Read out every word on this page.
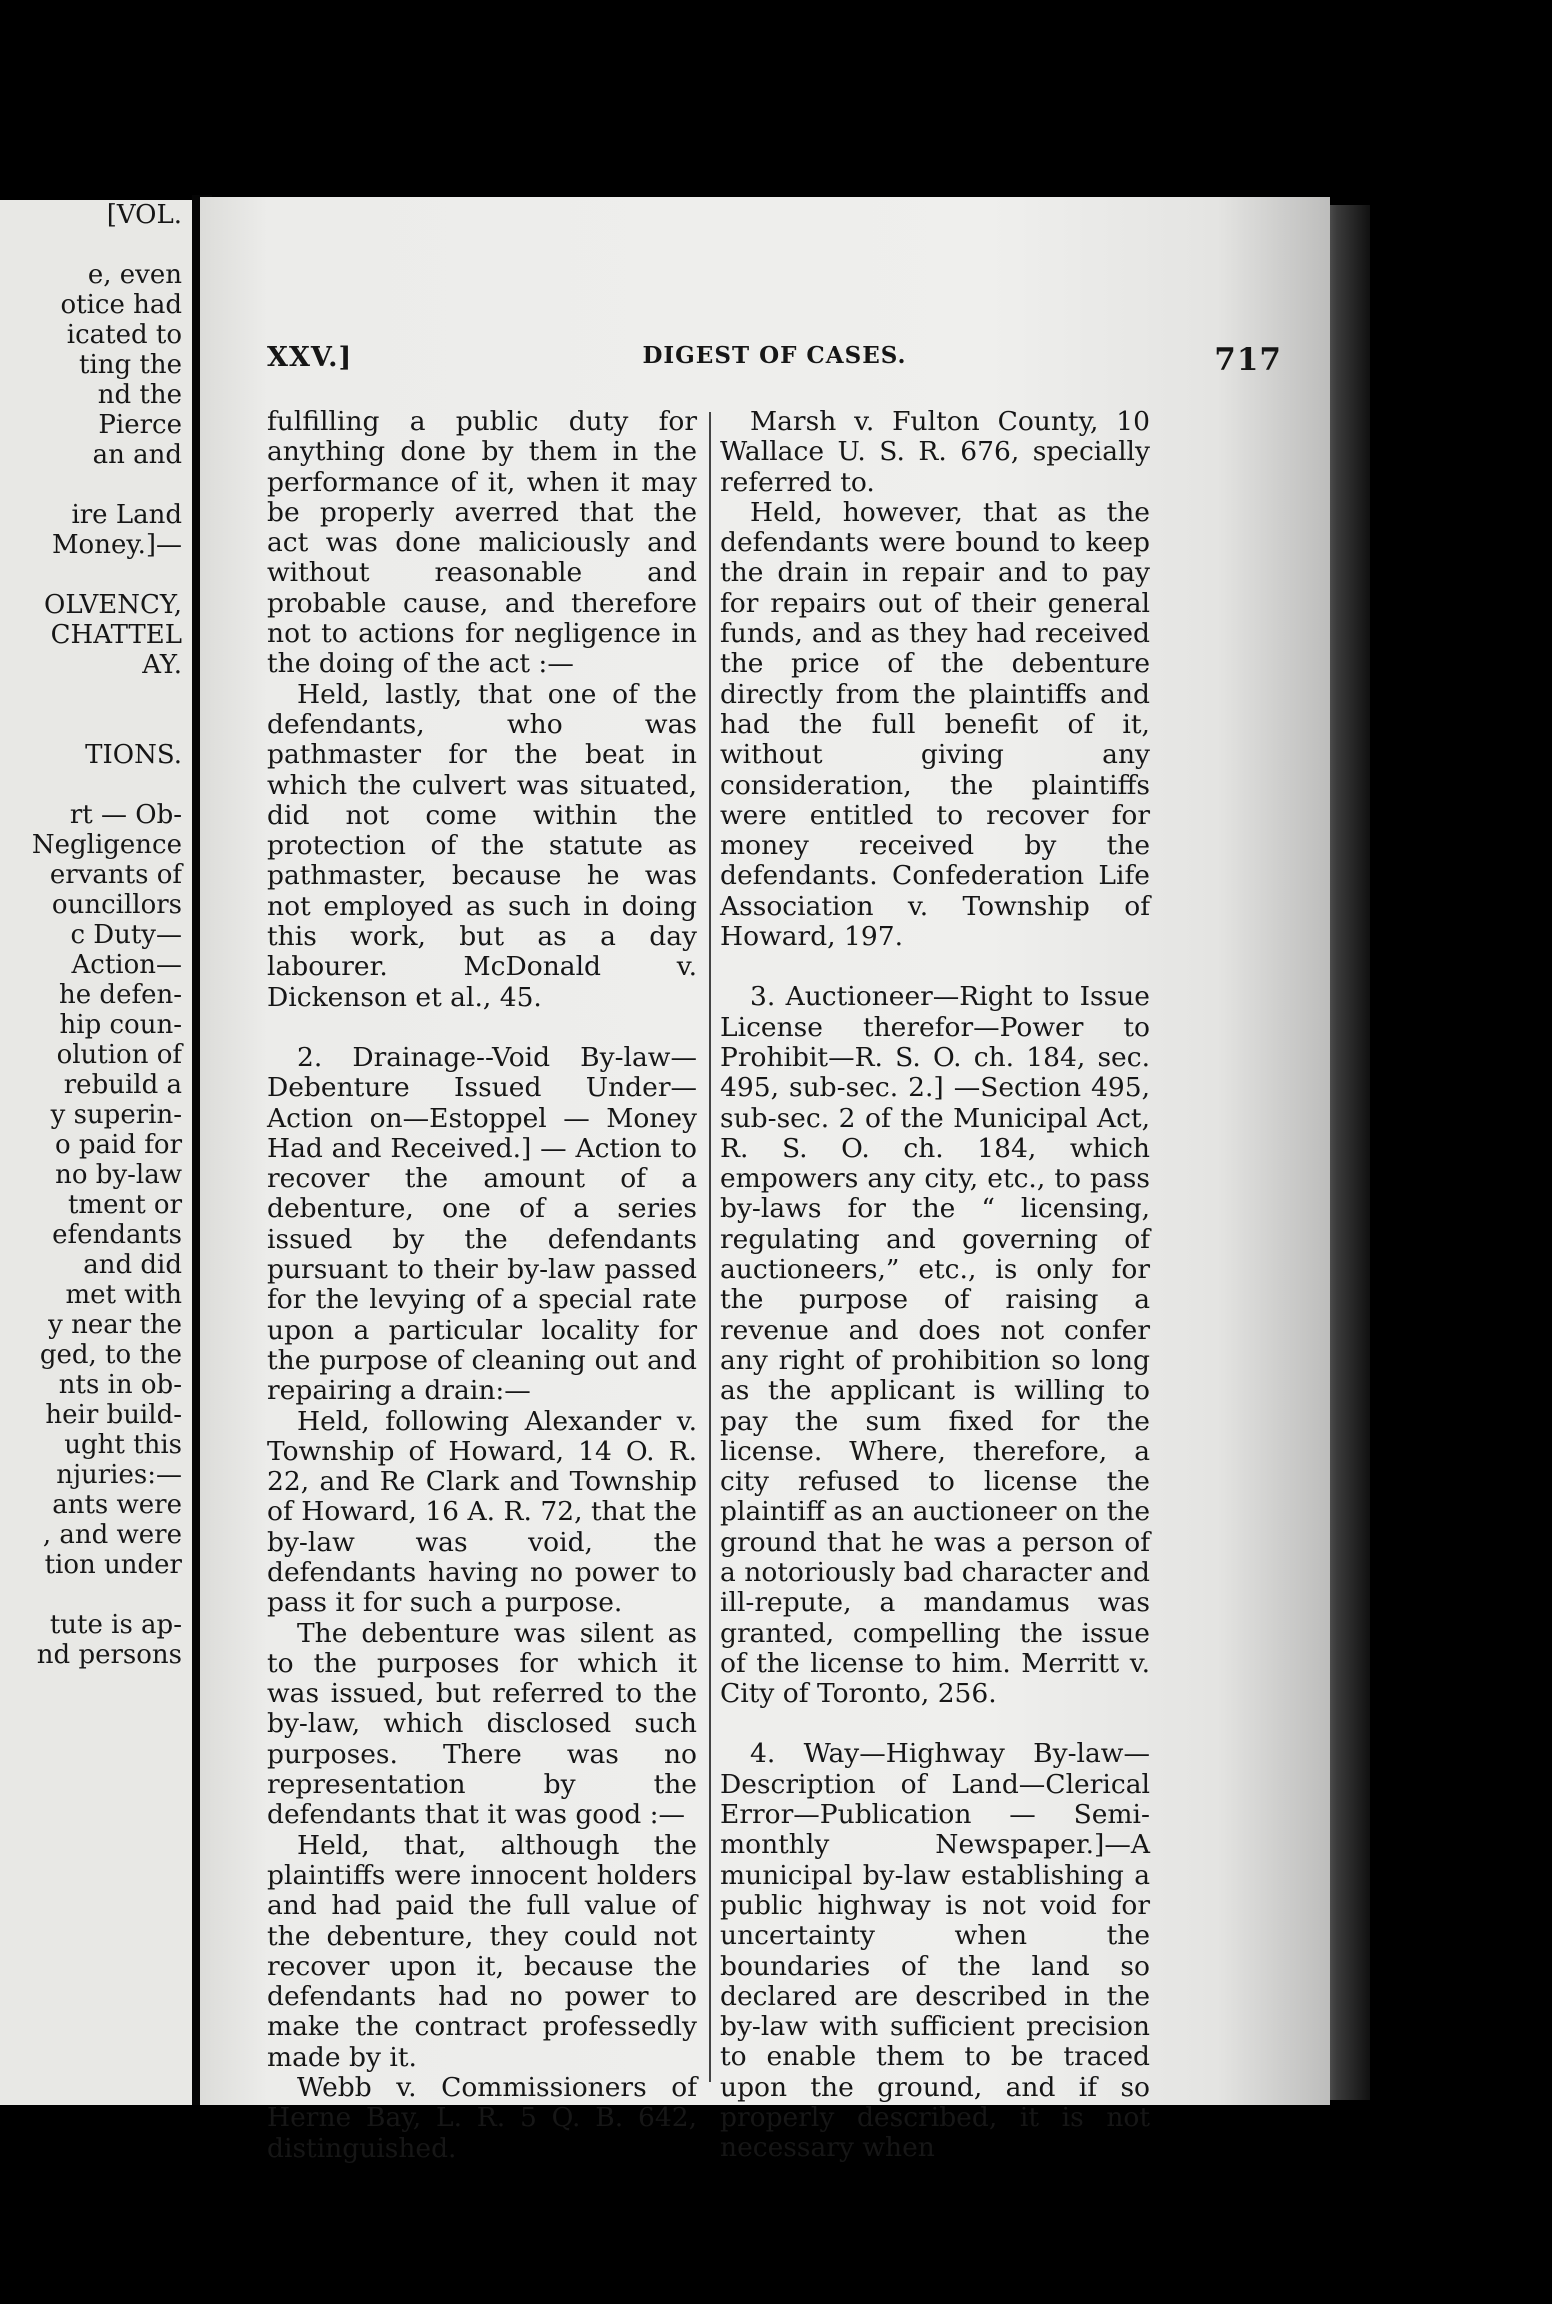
[VOL.
e, even
otice had
icated to
ting the
nd the
Pierce
an and
ire Land
Money.]—
OLVENCY,
CHATTEL
AY.
TIONS.
rt — Ob-
Negligence
ervants of
ouncillors
c Duty—
Action—
he defen-
hip coun-
olution of
rebuild a
y superin-
o paid for
no by-law
tment or
efendants
and did
met with
y near the
ged, to the
nts in ob-
heir build-
ught this
njuries:—
ants were
, and were
tion under
tute is ap-
nd persons
XXV.]	DIGEST OF CASES.	717

fulfilling a public duty for anything done by them in the performance of it, when it may be properly averred that the act was done maliciously and without reasonable and probable cause, and therefore not to actions for negligence in the doing of the act :—

Held, lastly, that one of the defendants, who was pathmaster for the beat in which the culvert was situated, did not come within the protection of the statute as pathmaster, because he was not employed as such in doing this work, but as a day labourer. McDonald v. Dickenson et al., 45.

2. Drainage--Void By-law—Debenture Issued Under—Action on—Estoppel — Money Had and Received.] — Action to recover the amount of a debenture, one of a series issued by the defendants pursuant to their by-law passed for the levying of a special rate upon a particular locality for the purpose of cleaning out and repairing a drain:—

Held, following Alexander v. Township of Howard, 14 O. R. 22, and Re Clark and Township of Howard, 16 A. R. 72, that the by-law was void, the defendants having no power to pass it for such a purpose.

The debenture was silent as to the purposes for which it was issued, but referred to the by-law, which disclosed such purposes. There was no representation by the defendants that it was good :—

Held, that, although the plaintiffs were innocent holders and had paid the full value of the debenture, they could not recover upon it, because the defendants had no power to make the contract professedly made by it.

Webb v. Commissioners of Herne Bay, L. R. 5 Q. B. 642, distinguished.

Marsh v. Fulton County, 10 Wallace U. S. R. 676, specially referred to.

Held, however, that as the defendants were bound to keep the drain in repair and to pay for repairs out of their general funds, and as they had received the price of the debenture directly from the plaintiffs and had the full benefit of it, without giving any consideration, the plaintiffs were entitled to recover for money received by the defendants. Confederation Life Association v. Township of Howard, 197.

3. Auctioneer—Right to Issue License therefor—Power to Prohibit—R. S. O. ch. 184, sec. 495, sub-sec. 2.] —Section 495, sub-sec. 2 of the Municipal Act, R. S. O. ch. 184, which empowers any city, etc., to pass by-laws for the “ licensing, regulating and governing of auctioneers,” etc., is only for the purpose of raising a revenue and does not confer any right of prohibition so long as the applicant is willing to pay the sum fixed for the license. Where, therefore, a city refused to license the plaintiff as an auctioneer on the ground that he was a person of a notoriously bad character and ill-repute, a mandamus was granted, compelling the issue of the license to him. Merritt v. City of Toronto, 256.

4. Way—Highway By-law—Description of Land—Clerical Error—Publication — Semi-monthly Newspaper.]—A municipal by-law establishing a public highway is not void for uncertainty when the boundaries of the land so declared are described in the by-law with sufficient precision to enable them to be traced upon the ground, and if so properly described, it is not necessary when
